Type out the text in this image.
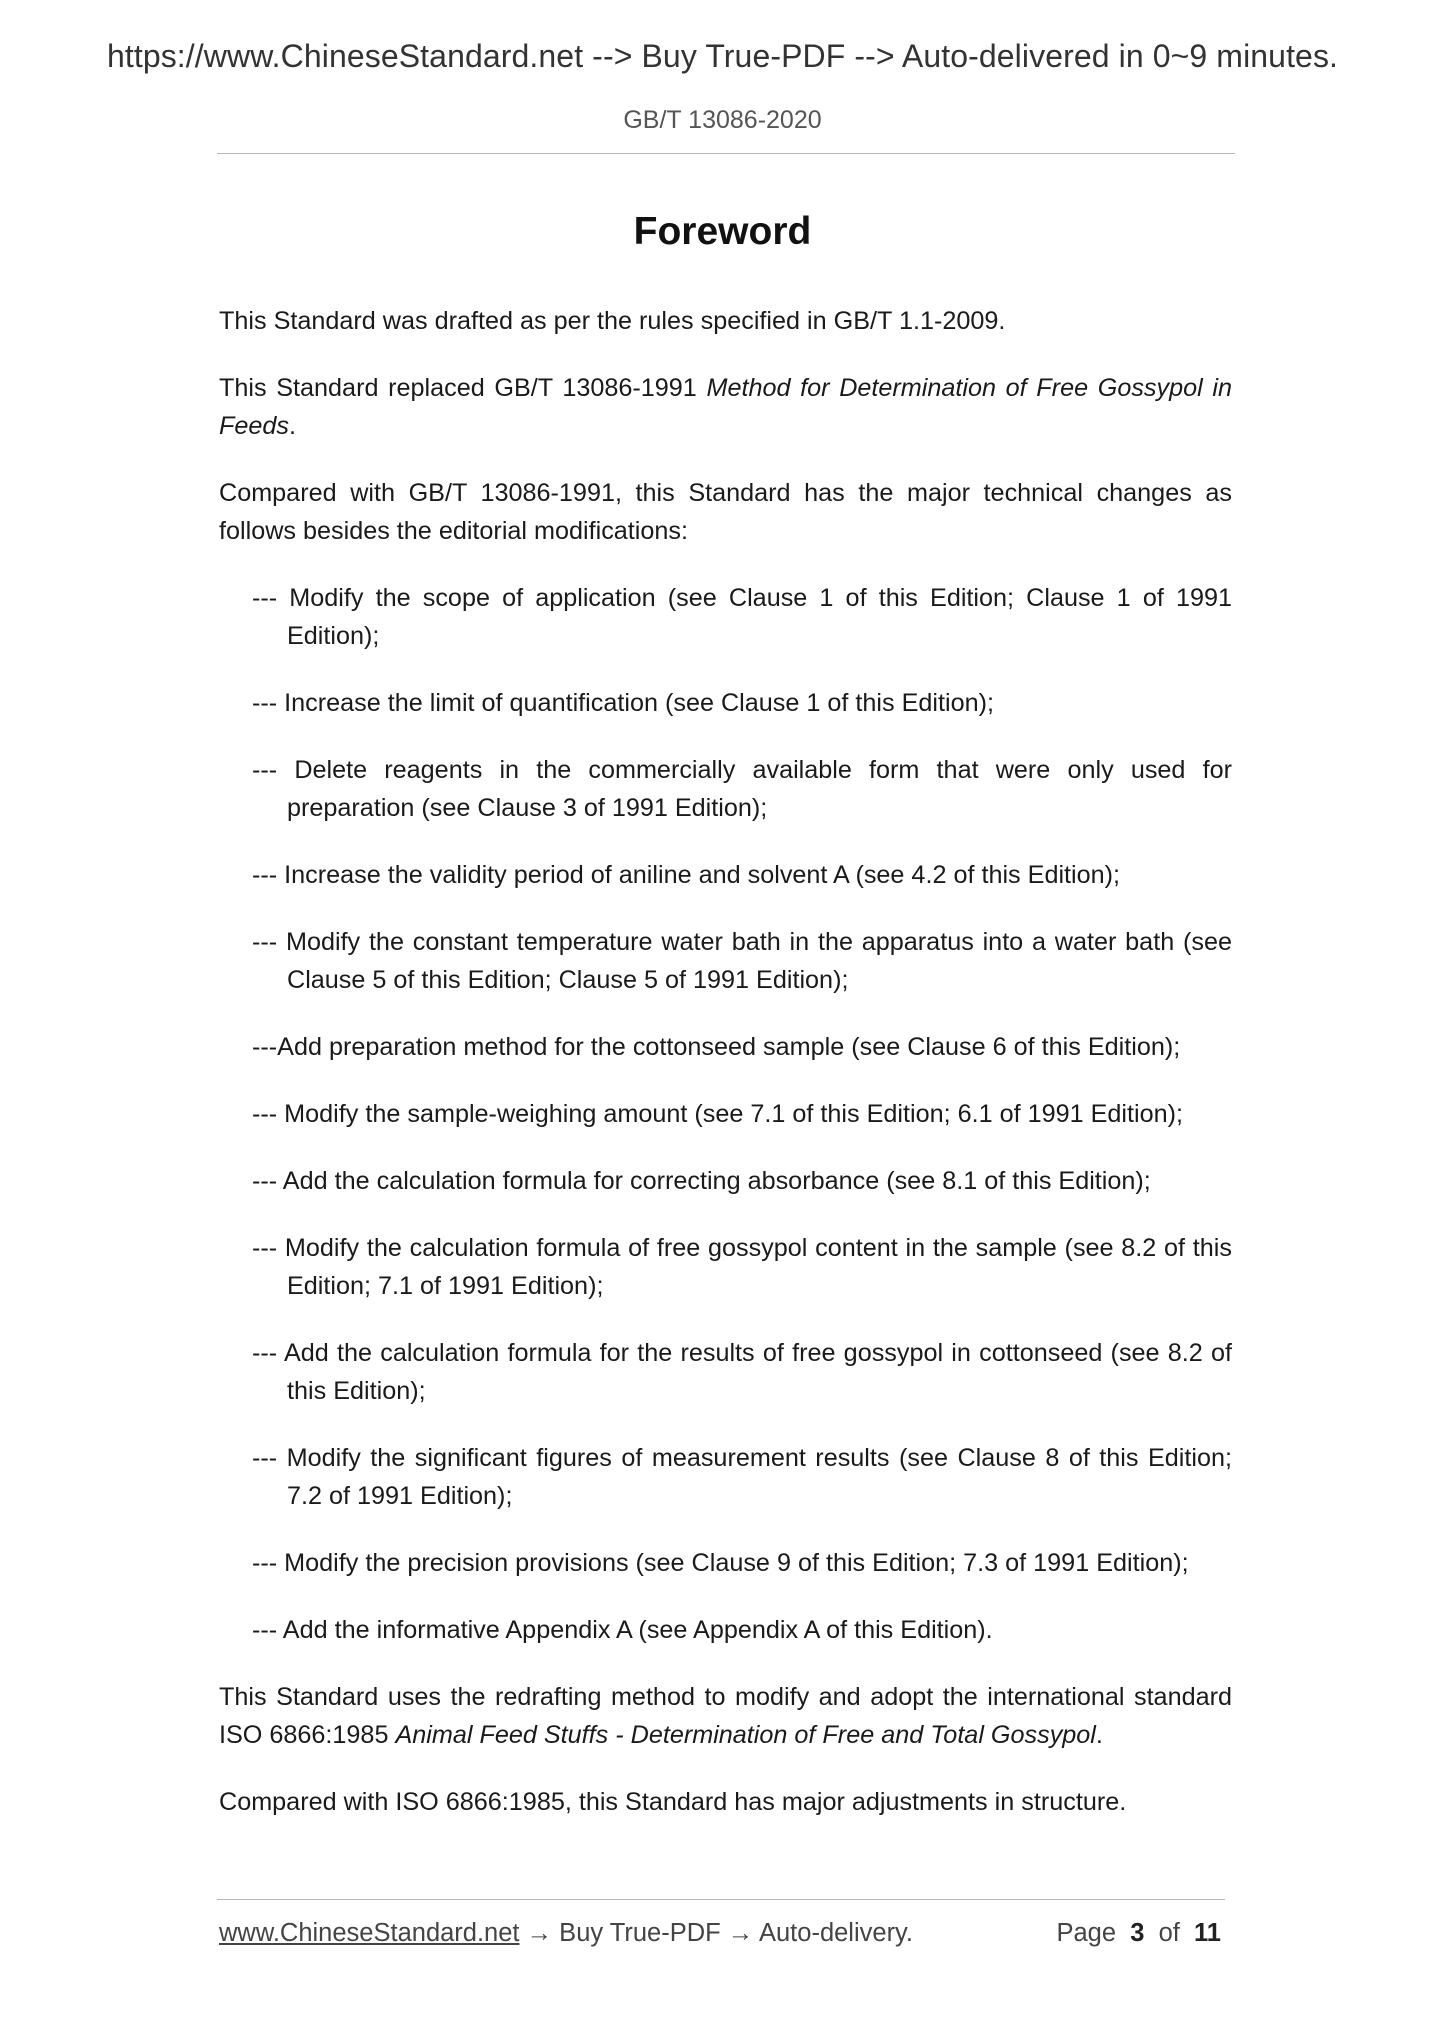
https://www.ChineseStandard.net --> Buy True-PDF --> Auto-delivered in 0~9 minutes.
GB/T 13086-2020
Foreword

This Standard was drafted as per the rules specified in GB/T 1.1-2009.

This Standard replaced GB/T 13086-1991 Method for Determination of Free Gossypol in Feeds.

Compared with GB/T 13086-1991, this Standard has the major technical changes as follows besides the editorial modifications:

--- Modify the scope of application (see Clause 1 of this Edition; Clause 1 of 1991 Edition);
--- Increase the limit of quantification (see Clause 1 of this Edition);
--- Delete reagents in the commercially available form that were only used for preparation (see Clause 3 of 1991 Edition);
--- Increase the validity period of aniline and solvent A (see 4.2 of this Edition);
--- Modify the constant temperature water bath in the apparatus into a water bath (see Clause 5 of this Edition; Clause 5 of 1991 Edition);
---Add preparation method for the cottonseed sample (see Clause 6 of this Edition);
--- Modify the sample-weighing amount (see 7.1 of this Edition; 6.1 of 1991 Edition);
--- Add the calculation formula for correcting absorbance (see 8.1 of this Edition);
--- Modify the calculation formula of free gossypol content in the sample (see 8.2 of this Edition; 7.1 of 1991 Edition);
--- Add the calculation formula for the results of free gossypol in cottonseed (see 8.2 of this Edition);
--- Modify the significant figures of measurement results (see Clause 8 of this Edition; 7.2 of 1991 Edition);
--- Modify the precision provisions (see Clause 9 of this Edition; 7.3 of 1991 Edition);
--- Add the informative Appendix A (see Appendix A of this Edition).

This Standard uses the redrafting method to modify and adopt the international standard ISO 6866:1985 Animal Feed Stuffs - Determination of Free and Total Gossypol.

Compared with ISO 6866:1985, this Standard has major adjustments in structure.

www.ChineseStandard.net → Buy True-PDF → Auto-delivery.	Page 3 of 11
